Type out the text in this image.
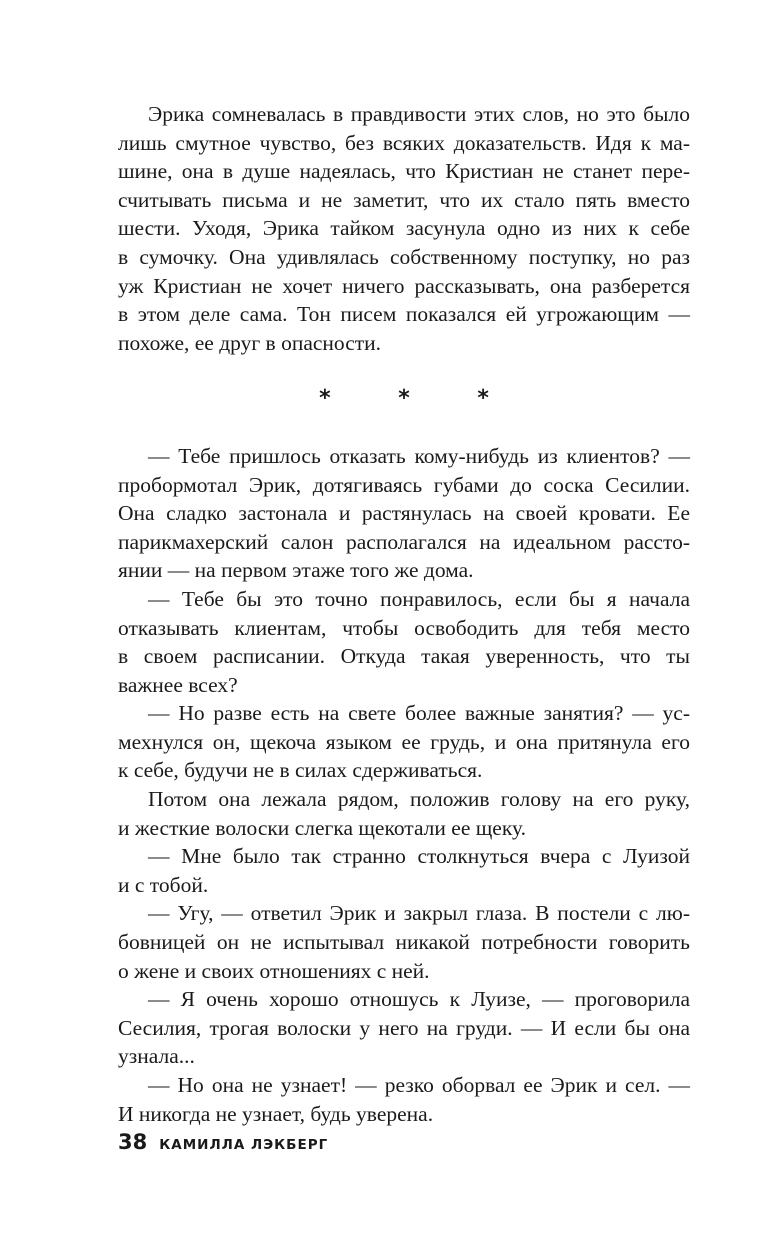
Эрика сомневалась в правдивости этих слов, но это было
лишь смутное чувство, без всяких доказательств. Идя к ма-
шине, она в душе надеялась, что Кристиан не станет пере-
считывать письма и не заметит, что их стало пять вместо
шести. Уходя, Эрика тайком засунула одно из них к себе
в сумочку. Она удивлялась собственному поступку, но раз
уж Кристиан не хочет ничего рассказывать, она разберется
в этом деле сама. Тон писем показался ей угрожающим —
похоже, ее друг в опасности.
* * *
— Тебе пришлось отказать кому-нибудь из клиентов? —
пробормотал Эрик, дотягиваясь губами до соска Сесилии.
Она сладко застонала и растянулась на своей кровати. Ее
парикмахерский салон располагался на идеальном рассто-
янии — на первом этаже того же дома.
— Тебе бы это точно понравилось, если бы я начала
отказывать клиентам, чтобы освободить для тебя место
в своем расписании. Откуда такая уверенность, что ты
важнее всех?
— Но разве есть на свете более важные занятия? — ус-
мехнулся он, щекоча языком ее грудь, и она притянула его
к себе, будучи не в силах сдерживаться.
Потом она лежала рядом, положив голову на его руку,
и жесткие волоски слегка щекотали ее щеку.
— Мне было так странно столкнуться вчера с Луизой
и с тобой.
— Угу, — ответил Эрик и закрыл глаза. В постели с лю-
бовницей он не испытывал никакой потребности говорить
о жене и своих отношениях с ней.
— Я очень хорошо отношусь к Луизе, — проговорила
Сесилия, трогая волоски у него на груди. — И если бы она
узнала...
— Но она не узнает! — резко оборвал ее Эрик и сел. —
И никогда не узнает, будь уверена.
38 КАМИЛЛА ЛЭКБЕРГ
